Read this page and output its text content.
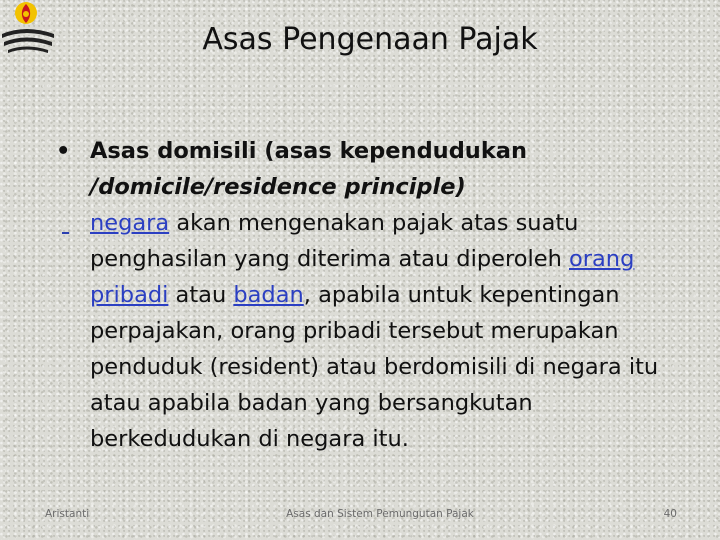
Asas Pengenaan Pajak
• Asas domisili (asas kependudukan
/domicile/residence principle)

negara akan mengenakan pajak atas suatu penghasilan yang diterima atau diperoleh orang pribadi atau badan, apabila untuk kepentingan perpajakan, orang pribadi tersebut merupakan penduduk (resident) atau berdomisili di negara itu atau apabila badan yang bersangkutan berkedudukan di negara itu.
Aristanti	Asas dan Sistem Pemungutan Pajak	40
